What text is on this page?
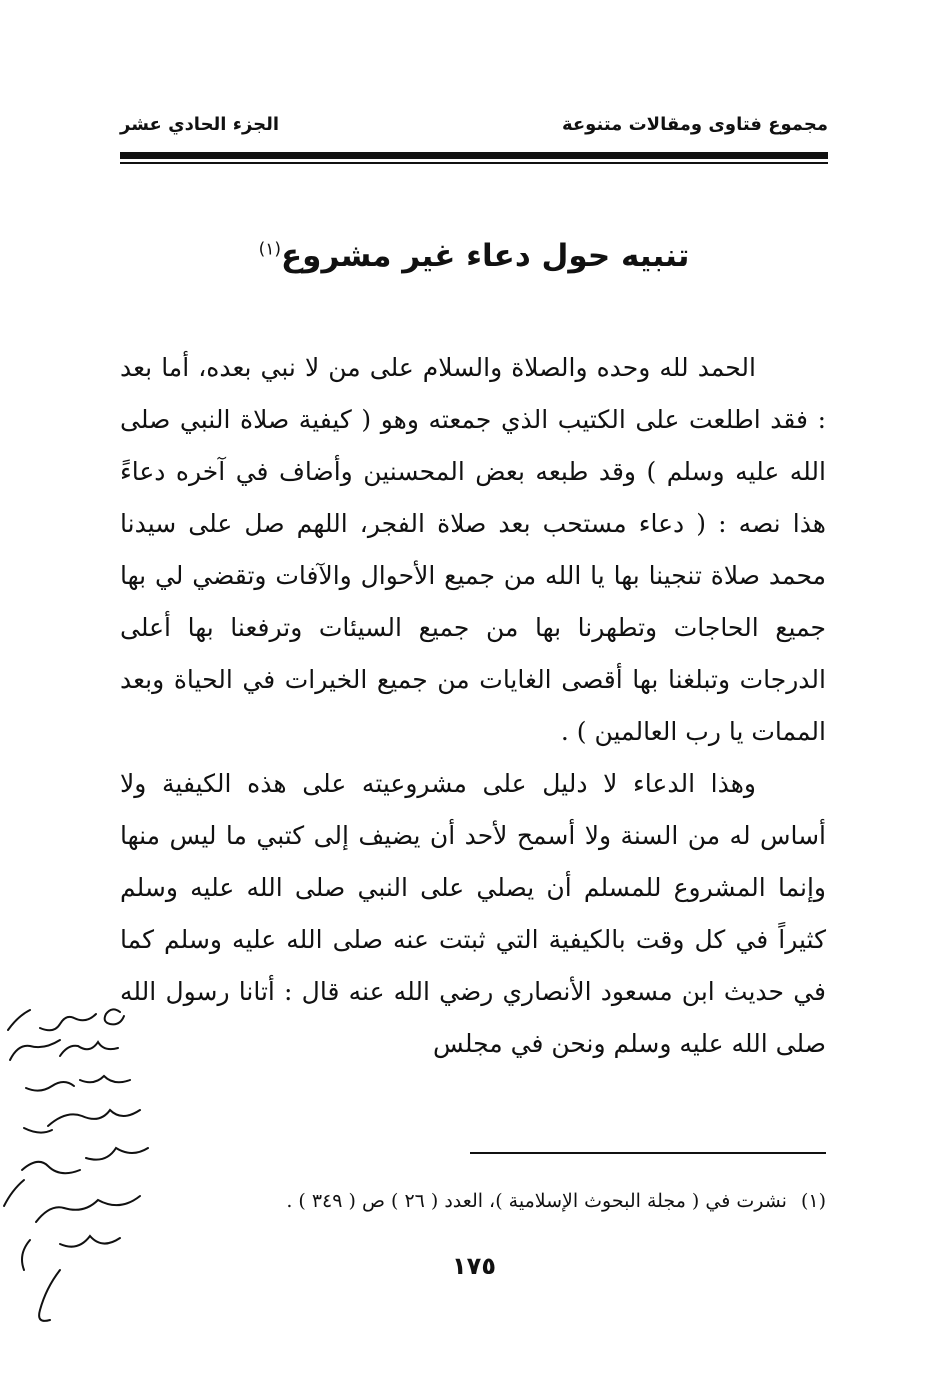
مجموع فتاوى ومقالات متنوعة
الجزء الحادي عشر
تنبيه حول دعاء غير مشروع$^{(١)}$

الحمد لله وحده والصلاة والسلام على من لا نبي بعده، أما بعد : فقد اطلعت على الكتيب الذي جمعته وهو ( كيفية صلاة النبي صلى الله عليه وسلم ) وقد طبعه بعض المحسنين وأضاف في آخره دعاءً هذا نصه : ( دعاء مستحب بعد صلاة الفجر، اللهم صل على سيدنا محمد صلاة تنجينا بها يا الله من جميع الأحوال والآفات وتقضي لي بها جميع الحاجات وتطهرنا بها من جميع السيئات وترفعنا بها أعلى الدرجات وتبلغنا بها أقصى الغايات من جميع الخيرات في الحياة وبعد الممات يا رب العالمين ) .

وهذا الدعاء لا دليل على مشروعيته على هذه الكيفية ولا أساس له من السنة ولا أسمح لأحد أن يضيف إلى كتبي ما ليس منها وإنما المشروع للمسلم أن يصلي على النبي صلى الله عليه وسلم كثيراً في كل وقت بالكيفية التي ثبتت عنه صلى الله عليه وسلم كما في حديث ابن مسعود الأنصاري رضي الله عنه قال : أتانا رسول الله صلى الله عليه وسلم ونحن في مجلس

(١)نشرت في ( مجلة البحوث الإسلامية )، العدد ( ٢٦ ) ص ( ٣٤٩ ) .
١٧٥
